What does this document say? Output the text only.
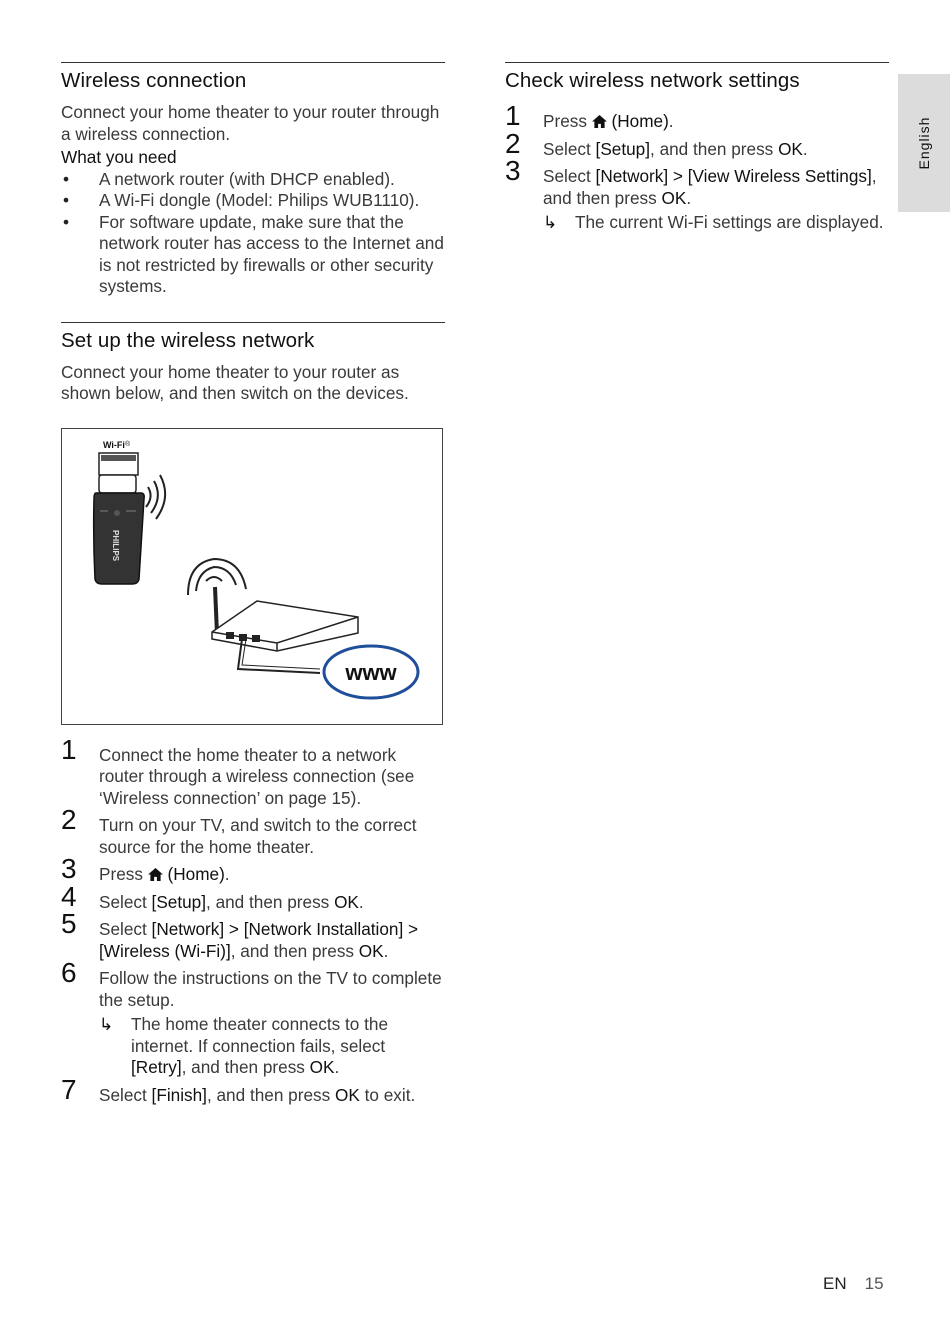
English
Wireless connection

Connect your home theater to your router through a wireless connection.

What you need
• A network router (with DHCP enabled).
• A Wi-Fi dongle (Model: Philips WUB1110).
• For software update, make sure that the network router has access to the Internet and is not restricted by firewalls or other security systems.
Set up the wireless network

Connect your home theater to your router as shown below, and then switch on the devices.

Wi-Fi ®
PHILIPS
www
1 Connect the home theater to a network router through a wireless connection (see ‘Wireless connection’ on page 15).
2 Turn on your TV, and switch to the correct source for the home theater.
3 Press  (Home).
4 Select [Setup], and then press OK.
5 Select [Network] > [Network Installation] > [Wireless (Wi-Fi)], and then press OK.
6 Follow the instructions on the TV to complete the setup.
↳ The home theater connects to the internet. If connection fails, select [Retry], and then press OK.
7 Select [Finish], and then press OK to exit.
Check wireless network settings
1 Press  (Home).
2 Select [Setup], and then press OK.
3 Select [Network] > [View Wireless Settings], and then press OK.
↳ The current Wi-Fi settings are displayed.
EN 15
